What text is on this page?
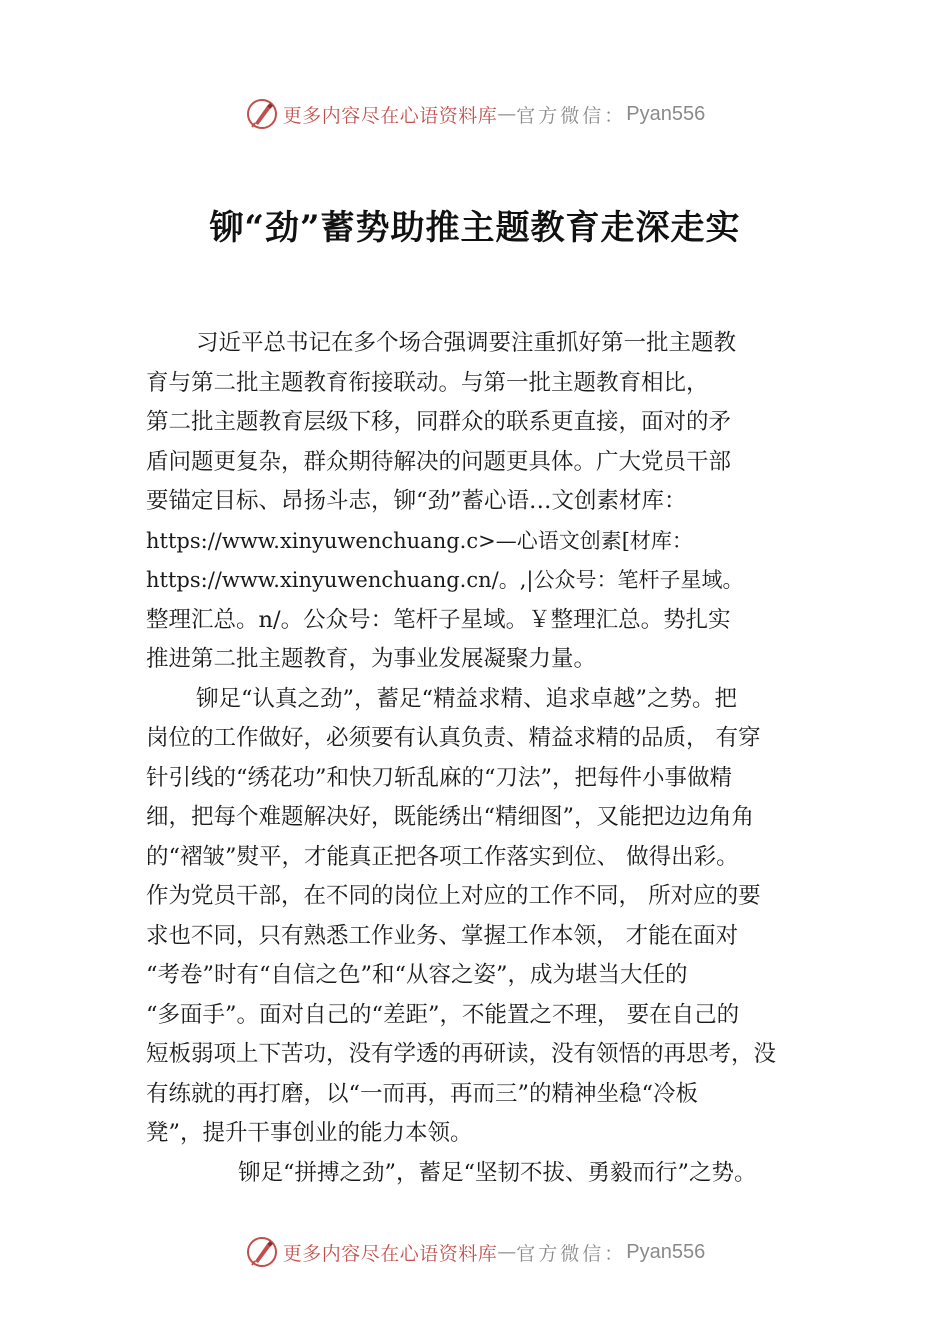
更多内容尽在心语资料库 — 官方微信： Pyan556
铆“劲”蓄势助推主题教育走深走实
习近平总书记在多个场合强调要注重抓好第一批主题教
育与第二批主题教育衔接联动。与第一批主题教育相比，
第二批主题教育层级下移，同群众的联系更直接，面对的矛
盾问题更复杂，群众期待解决的问题更具体。广大党员干部
要锚定目标、昂扬斗志，铆“劲”蓄心语…文创素材库：
https://www.xinyuwenchuang.c>—心语文创素[材库：
https://www.xinyuwenchuang.cn/。,|公众号：笔杆子星域。
整理汇总。n/。公众号：笔杆子星域。￥整理汇总。势扎实
推进第二批主题教育，为事业发展凝聚力量。
铆足“认真之劲”，蓄足“精益求精、追求卓越”之势。把
岗位的工作做好，必须要有认真负责、精益求精的品质， 有穿
针引线的“绣花功”和快刀斩乱麻的“刀法”，把每件小事做精
细，把每个难题解决好，既能绣出“精细图”，又能把边边角角
的“褶皱”熨平，才能真正把各项工作落实到位、 做得出彩。
作为党员干部，在不同的岗位上对应的工作不同， 所对应的要
求也不同，只有熟悉工作业务、掌握工作本领， 才能在面对
“考卷”时有“自信之色”和“从容之姿”，成为堪当大任的
“多面手”。面对自己的“差距”，不能置之不理， 要在自己的
短板弱项上下苦功，没有学透的再研读，没有领悟的再思考，没
有练就的再打磨，以“一而再，再而三”的精神坐稳“冷板
凳”，提升干事创业的能力本领。
铆足“拼搏之劲”，蓄足“坚韧不拔、勇毅而行”之势。
更多内容尽在心语资料库 — 官方微信： Pyan556
